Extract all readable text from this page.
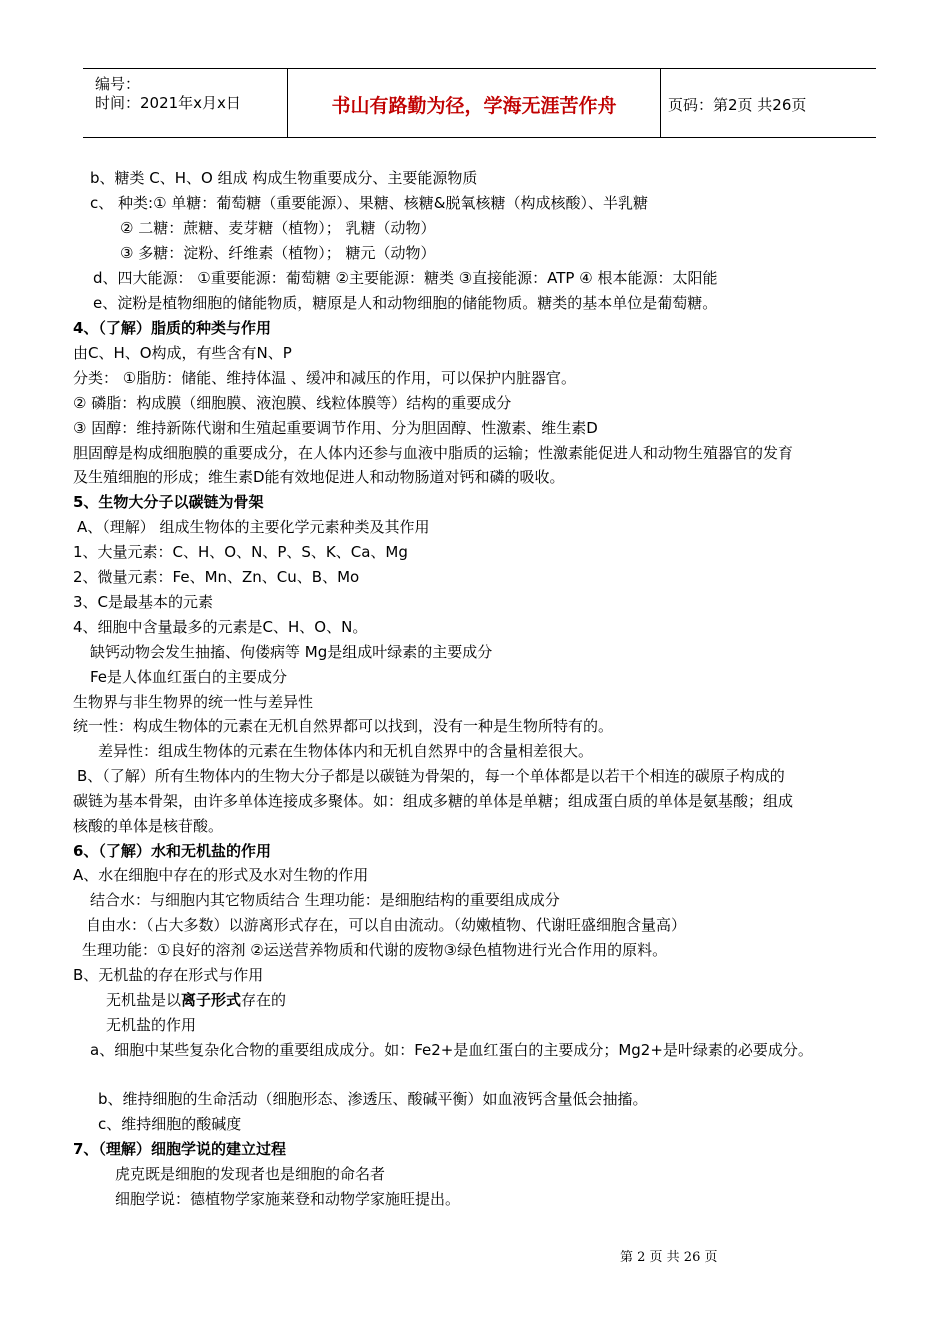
编号：
时间：2021年x月x日	书山有路勤为径，学海无涯苦作舟	页码：第2页 共26页
b、糖类 C、H、O 组成 构成生物重要成分、主要能源物质
c、 种类:① 单糖：葡萄糖（重要能源）、果糖、核糖&脱氧核糖（构成核酸）、半乳糖
② 二糖：蔗糖、麦芽糖（植物）； 乳糖（动物）
③ 多糖：淀粉、纤维素（植物）； 糖元（动物）
d、四大能源： ①重要能源：葡萄糖 ②主要能源：糖类 ③直接能源：ATP ④ 根本能源：太阳能
e、淀粉是植物细胞的储能物质，糖原是人和动物细胞的储能物质。糖类的基本单位是葡萄糖。
4、（了解）脂质的种类与作用
由C、H、O构成，有些含有N、P
分类： ①脂肪：储能、维持体温 、缓冲和减压的作用，可以保护内脏器官。
② 磷脂：构成膜（细胞膜、液泡膜、线粒体膜等）结构的重要成分
③ 固醇：维持新陈代谢和生殖起重要调节作用、分为胆固醇、性激素、维生素D
胆固醇是构成细胞膜的重要成分，在人体内还参与血液中脂质的运输；性激素能促进人和动物生殖器官的发育
及生殖细胞的形成；维生素D能有效地促进人和动物肠道对钙和磷的吸收。
5、生物大分子以碳链为骨架
A、（理解） 组成生物体的主要化学元素种类及其作用
1、大量元素：C、H、O、N、P、S、K、Ca、Mg
2、微量元素：Fe、Mn、Zn、Cu、B、Mo
3、C是最基本的元素
4、细胞中含量最多的元素是C、H、O、N。
缺钙动物会发生抽搐、佝偻病等 Mg是组成叶绿素的主要成分
Fe是人体血红蛋白的主要成分
生物界与非生物界的统一性与差异性
统一性：构成生物体的元素在无机自然界都可以找到，没有一种是生物所特有的。
差异性：组成生物体的元素在生物体体内和无机自然界中的含量相差很大。
B、（了解）所有生物体内的生物大分子都是以碳链为骨架的，每一个单体都是以若干个相连的碳原子构成的
碳链为基本骨架，由许多单体连接成多聚体。如：组成多糖的单体是单糖；组成蛋白质的单体是氨基酸；组成
核酸的单体是核苷酸。
6、（了解）水和无机盐的作用
A、水在细胞中存在的形式及水对生物的作用
结合水：与细胞内其它物质结合 生理功能：是细胞结构的重要组成成分
自由水：（占大多数）以游离形式存在，可以自由流动。（幼嫩植物、代谢旺盛细胞含量高）
生理功能：①良好的溶剂 ②运送营养物质和代谢的废物③绿色植物进行光合作用的原料。
B、无机盐的存在形式与作用
无机盐是以离子形式存在的
无机盐的作用
a、细胞中某些复杂化合物的重要组成成分。如：Fe2+是血红蛋白的主要成分；Mg2+是叶绿素的必要成分。
b、维持细胞的生命活动（细胞形态、渗透压、酸碱平衡）如血液钙含量低会抽搐。
c、维持细胞的酸碱度
7、（理解）细胞学说的建立过程
虎克既是细胞的发现者也是细胞的命名者
细胞学说：德植物学家施莱登和动物学家施旺提出。
第 2 页 共 26 页
